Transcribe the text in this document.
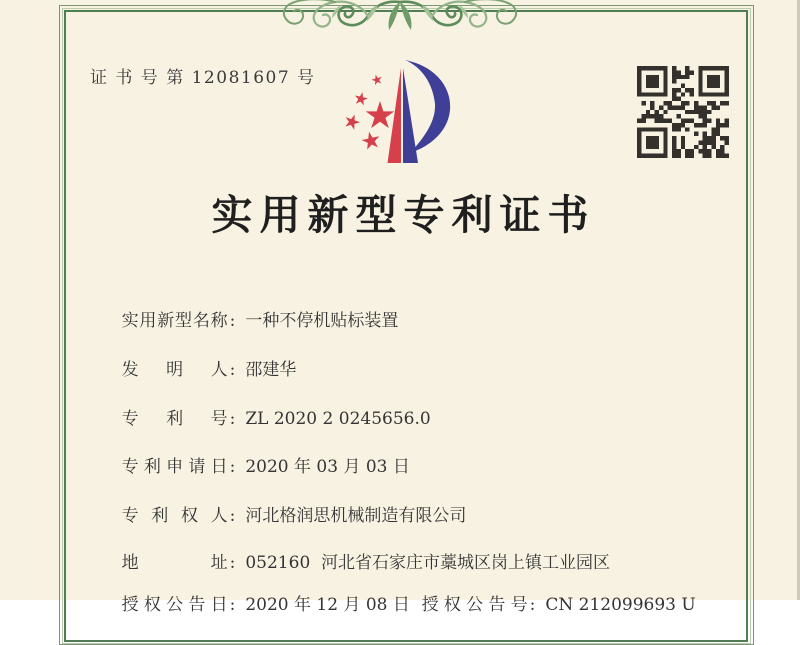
证 书 号 第 12081607 号
实用新型专利证书

实用新型名称 : 一种不停机贴标装置

发明人 : 邵建华

专利号 : ZL 2020 2 0245656.0

专利申请日 : 2020 年 03 月 03 日

专利权人 : 河北格润思机械制造有限公司

地址 : 052160  河北省石家庄市藁城区岗上镇工业园区

授权公告日 : 2020 年 12 月 08 日
授权公告号 : CN 212099693 U
